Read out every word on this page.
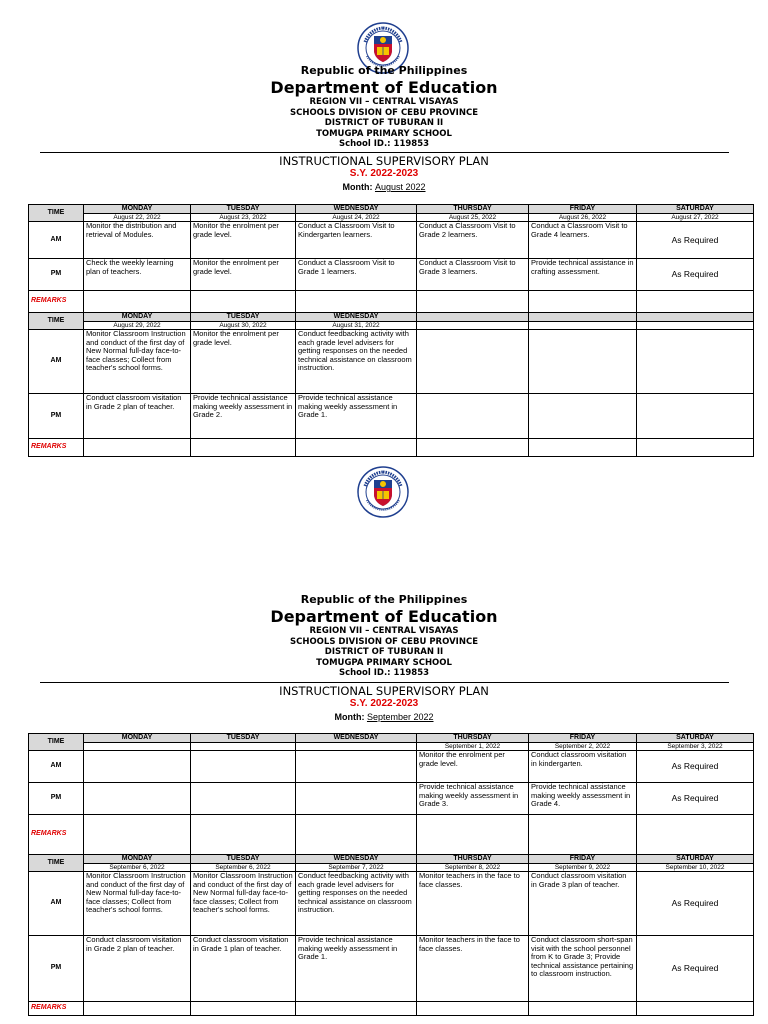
Republic of the Philippines
Department of Education
REGION VII – CENTRAL VISAYAS
SCHOOLS DIVISION OF CEBU PROVINCE
DISTRICT OF TUBURAN II
TOMUGPA PRIMARY SCHOOL
School ID.: 119853
INSTRUCTIONAL SUPERVISORY PLAN
S.Y. 2022-2023
Month: August 2022
TIME	MONDAY	TUESDAY	WEDNESDAY	THURSDAY	FRIDAY	SATURDAY
	August 22, 2022	August 23, 2022	August 24, 2022	August 25, 2022	August 26, 2022	August 27, 2022
AM	Monitor the distribution and retrieval of Modules.	Monitor the enrolment per grade level.	Conduct a Classroom Visit to Kindergarten learners.	Conduct a Classroom Visit to Grade 2 learners.	Conduct a Classroom Visit to Grade 4 learners.	As Required
PM	Check the weekly learning plan of teachers.	Monitor the enrolment per grade level.	Conduct a Classroom Visit to Grade 1 learners.	Conduct a Classroom Visit to Grade 3 learners.	Provide technical assistance in crafting assessment.	As Required
REMARKS						
TIME	MONDAY	TUESDAY	WEDNESDAY			
	August 29, 2022	August 30, 2022	August 31, 2022			
AM	Monitor Classroom Instruction and conduct of the first day of New Normal full-day face-to-face classes; Collect from teacher's school forms.	Monitor the enrolment per grade level.	Conduct feedbacking activity with each grade level advisers for getting responses on the needed technical assistance on classroom instruction.			
PM	Conduct classroom visitation in Grade 2 plan of teacher.	Provide technical assistance making weekly assessment in Grade 2.	Provide technical assistance making weekly assessment in Grade 1.			
REMARKS						
Republic of the Philippines
Department of Education
REGION VII – CENTRAL VISAYAS
SCHOOLS DIVISION OF CEBU PROVINCE
DISTRICT OF TUBURAN II
TOMUGPA PRIMARY SCHOOL
School ID.: 119853
INSTRUCTIONAL SUPERVISORY PLAN
S.Y. 2022-2023
Month: September 2022
TIME	MONDAY	TUESDAY	WEDNESDAY	THURSDAY	FRIDAY	SATURDAY
				September 1, 2022	September 2, 2022	September 3, 2022
AM				Monitor the enrolment per grade level.	Conduct classroom visitation in kindergarten.	As Required
PM				Provide technical assistance making weekly assessment in Grade 3.	Provide technical assistance making weekly assessment in Grade 4.	As Required
REMARKS						
TIME	MONDAY	TUESDAY	WEDNESDAY	THURSDAY	FRIDAY	SATURDAY
	September 6, 2022	September 6, 2022	September 7, 2022	September 8, 2022	September 9, 2022	September 10, 2022
AM	Monitor Classroom Instruction and conduct of the first day of New Normal full-day face-to-face classes; Collect from teacher's school forms.	Monitor Classroom Instruction and conduct of the first day of New Normal full-day face-to-face classes; Collect from teacher's school forms.	Conduct feedbacking activity with each grade level advisers for getting responses on the needed technical assistance on classroom instruction.	Monitor teachers in the face to face classes.	Conduct classroom visitation in Grade 3 plan of teacher.	As Required
PM	Conduct classroom visitation in Grade 2 plan of teacher.	Conduct classroom visitation in Grade 1 plan of teacher.	Provide technical assistance making weekly assessment in Grade 1.	Monitor teachers in the face to face classes.	Conduct classroom short-span visit with the school personnel from K to Grade 3; Provide technical assistance pertaining to classroom instruction.	As Required
REMARKS						
